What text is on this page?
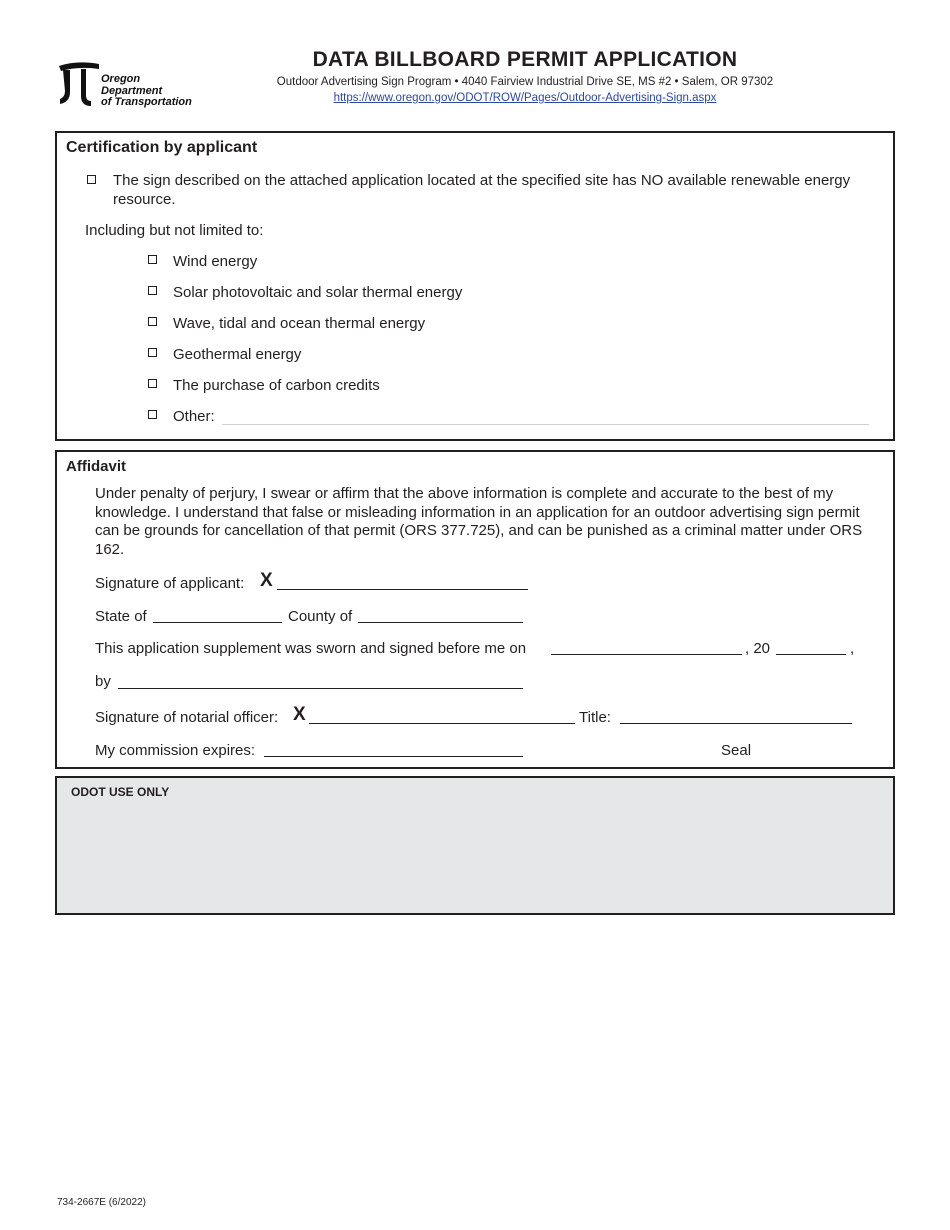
Oregon
Department
of Transportation
DATA BILLBOARD PERMIT APPLICATION
Outdoor Advertising Sign Program • 4040 Fairview Industrial Drive SE, MS #2 • Salem, OR 97302
https://www.oregon.gov/ODOT/ROW/Pages/Outdoor-Advertising-Sign.aspx
Certification by applicant
The sign described on the attached application located at the specified site has NO available renewable energy resource.
Including but not limited to:
Wind energy
Solar photovoltaic and solar thermal energy
Wave, tidal and ocean thermal energy
Geothermal energy
The purchase of carbon credits
Other:
Affidavit
Under penalty of perjury, I swear or affirm that the above information is complete and accurate to the best of my knowledge. I understand that false or misleading information in an application for an outdoor advertising sign permit can be grounds for cancellation of that permit (ORS 377.725), and can be punished as a criminal matter under ORS 162.
Signature of applicant: X
State of	County of
This application supplement was sworn and signed before me on	, 20	,
by
Signature of notarial officer: X	Title:
My commission expires:	Seal
ODOT USE ONLY
734-2667E (6/2022)
